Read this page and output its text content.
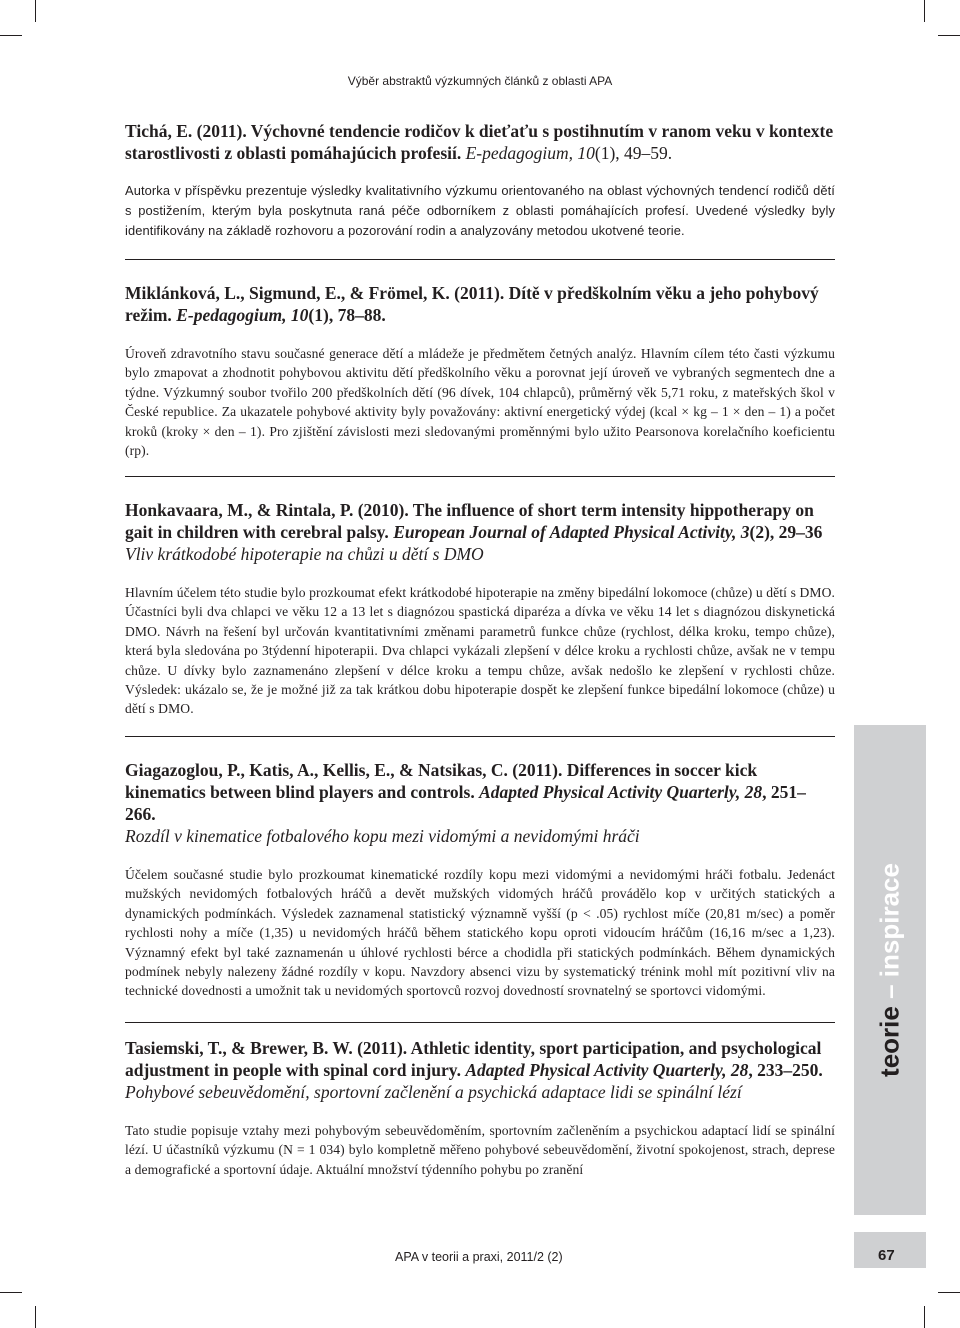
Výběr abstraktů výzkumných článků z oblasti APA

Tichá, E. (2011). Výchovné tendencie rodičov k dieťaťu s postihnutím v ranom veku v kontexte starostlivosti z oblasti pomáhajúcich profesií. E-pedagogium, 10(1), 49–59.

Autorka v příspěvku prezentuje výsledky kvalitativního výzkumu orientovaného na oblast výchovných tendencí rodičů dětí s postižením, kterým byla poskytnuta raná péče odborníkem z oblasti pomáhajících profesí. Uvedené výsledky byly identifikovány na základě rozhovoru a pozorování rodin a analyzovány metodou ukotvené teorie.

Miklánková, L., Sigmund, E., & Frömel, K. (2011). Dítě v předškolním věku a jeho pohybový režim. E-pedagogium, 10(1), 78–88.

Úroveň zdravotního stavu současné generace dětí a mládeže je předmětem četných analýz. Hlavním cílem této časti výzkumu bylo zmapovat a zhodnotit pohybovou aktivitu dětí předškolního věku a porovnat její úroveň ve vybraných segmentech dne a týdne. Výzkumný soubor tvořilo 200 předškolních dětí (96 dívek, 104 chlapců), průměrný věk 5,71 roku, z mateřských škol v České republice. Za ukazatele pohybové aktivity byly považovány: aktivní energetický výdej (kcal × kg – 1 × den – 1) a počet kroků (kroky × den – 1). Pro zjištění závislosti mezi sledovanými proměnnými bylo užito Pearsonova korelačního koeficientu (rp).

Honkavaara, M., & Rintala, P. (2010). The influence of short term intensity hippotherapy on gait in children with cerebral palsy. European Journal of Adapted Physical Activity, 3(2), 29–36

Vliv krátkodobé hipoterapie na chůzi u dětí s DMO

Hlavním účelem této studie bylo prozkoumat efekt krátkodobé hipoterapie na změny bipedální lokomoce (chůze) u dětí s DMO. Účastníci byli dva chlapci ve věku 12 a 13 let s diagnózou spastická diparéza a dívka ve věku 14 let s diagnózou diskynetická DMO. Návrh na řešení byl určován kvantitativními změnami parametrů funkce chůze (rychlost, délka kroku, tempo chůze), která byla sledována po 3týdenní hipoterapii. Dva chlapci vykázali zlepšení v délce kroku a rychlosti chůze, avšak ne v tempu chůze. U dívky bylo zaznamenáno zlepšení v délce kroku a tempu chůze, avšak nedošlo ke zlepšení v rychlosti chůze. Výsledek: ukázalo se, že je možné již za tak krátkou dobu hipoterapie dospět ke zlepšení funkce bipedální lokomoce (chůze) u dětí s DMO.

Giagazoglou, P., Katis, A., Kellis, E., & Natsikas, C. (2011). Differences in soccer kick kinematics between blind players and controls. Adapted Physical Activity Quarterly, 28, 251–266.

Rozdíl v kinematice fotbalového kopu mezi vidomými a nevidomými hráči

Účelem současné studie bylo prozkoumat kinematické rozdíly kopu mezi vidomými a nevidomými hráči fotbalu. Jedenáct mužských nevidomých fotbalových hráčů a devět mužských vidomých hráčů provádělo kop v určitých statických a dynamických podmínkách. Výsledek zaznamenal statistický významně vyšší (p < .05) rychlost míče (20,81 m/sec) a poměr rychlosti nohy a míče (1,35) u nevidomých hráčů během statického kopu oproti vidoucím hráčům (16,16 m/sec a 1,23). Významný efekt byl také zaznamenán u úhlové rychlosti bérce a chodidla při statických podmínkách. Během dynamických podmínek nebyly nalezeny žádné rozdíly v kopu. Navzdory absenci vizu by systematický trénink mohl mít pozitivní vliv na technické dovednosti a umožnit tak u nevidomých sportovců rozvoj dovedností srovnatelný se sportovci vidomými.

Tasiemski, T., & Brewer, B. W. (2011). Athletic identity, sport participation, and psychological adjustment in people with spinal cord injury. Adapted Physical Activity Quarterly, 28, 233–250.

Pohybové sebeuvědomění, sportovní začlenění a psychická adaptace lidi se spinální lézí

Tato studie popisuje vztahy mezi pohybovým sebeuvědoměním, sportovním začleněním a psychickou adaptací lidí se spinální lézí. U účastníků výzkumu (N = 1 034) bylo kompletně měřeno pohybové sebeuvědomění, životní spokojenost, strach, deprese a demografické a sportovní údaje. Aktuální množství týdenního pohybu po zranění

teorie – inspirace
APA v teorii a praxi, 2011/2 (2)	67
